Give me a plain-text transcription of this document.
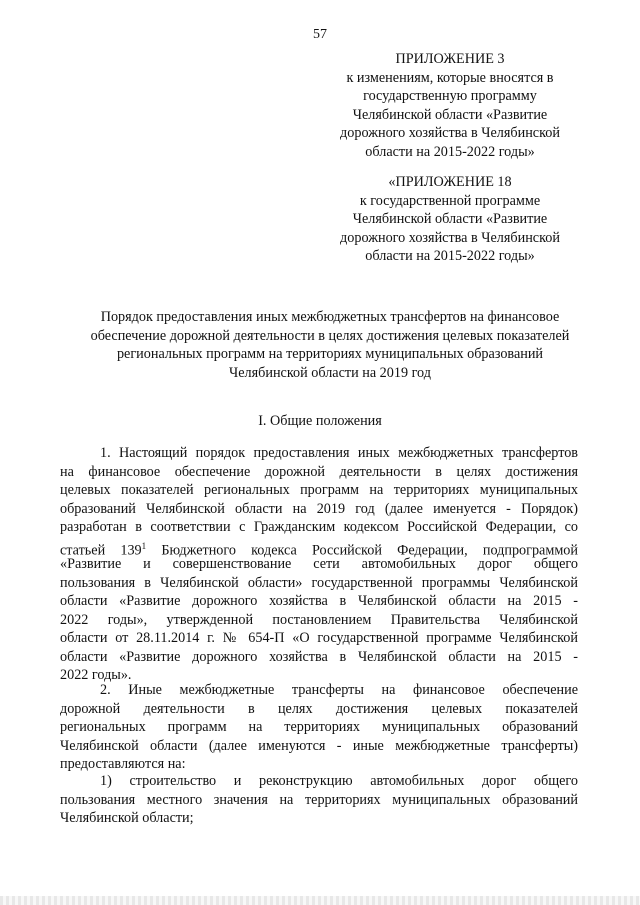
57
ПРИЛОЖЕНИЕ 3
к изменениям, которые вносятся в
государственную программу
Челябинской области «Развитие
дорожного хозяйства в Челябинской
области на 2015-2022 годы»
«ПРИЛОЖЕНИЕ 18
к государственной программе
Челябинской области «Развитие
дорожного хозяйства в Челябинской
области на 2015-2022 годы»
Порядок предоставления иных межбюджетных трансфертов на финансовое
обеспечение дорожной деятельности в целях достижения целевых показателей
региональных программ на территориях муниципальных образований
Челябинской области на 2019 год
I. Общие положения
1. Настоящий порядок предоставления иных межбюджетных трансфертов
на финансовое обеспечение дорожной деятельности в целях достижения
целевых показателей региональных программ на территориях муниципальных
образований Челябинской области на 2019 год (далее именуется - Порядок)
разработан в соответствии с Гражданским кодексом Российской Федерации, со
статьей $139^1$ Бюджетного кодекса Российской Федерации, подпрограммой
«Развитие и совершенствование сети автомобильных дорог общего
пользования в Челябинской области» государственной программы Челябинской
области «Развитие дорожного хозяйства в Челябинской области на 2015 -
2022 годы», утвержденной постановлением Правительства Челябинской
области от 28.11.2014 г. № 654-П «О государственной программе Челябинской
области «Развитие дорожного хозяйства в Челябинской области на 2015 -
2022 годы».
2. Иные межбюджетные трансферты на финансовое обеспечение
дорожной деятельности в целях достижения целевых показателей
региональных программ на территориях муниципальных образований
Челябинской области (далее именуются - иные межбюджетные трансферты)
предоставляются на:
1) строительство и реконструкцию автомобильных дорог общего
пользования местного значения на территориях муниципальных образований
Челябинской области;
